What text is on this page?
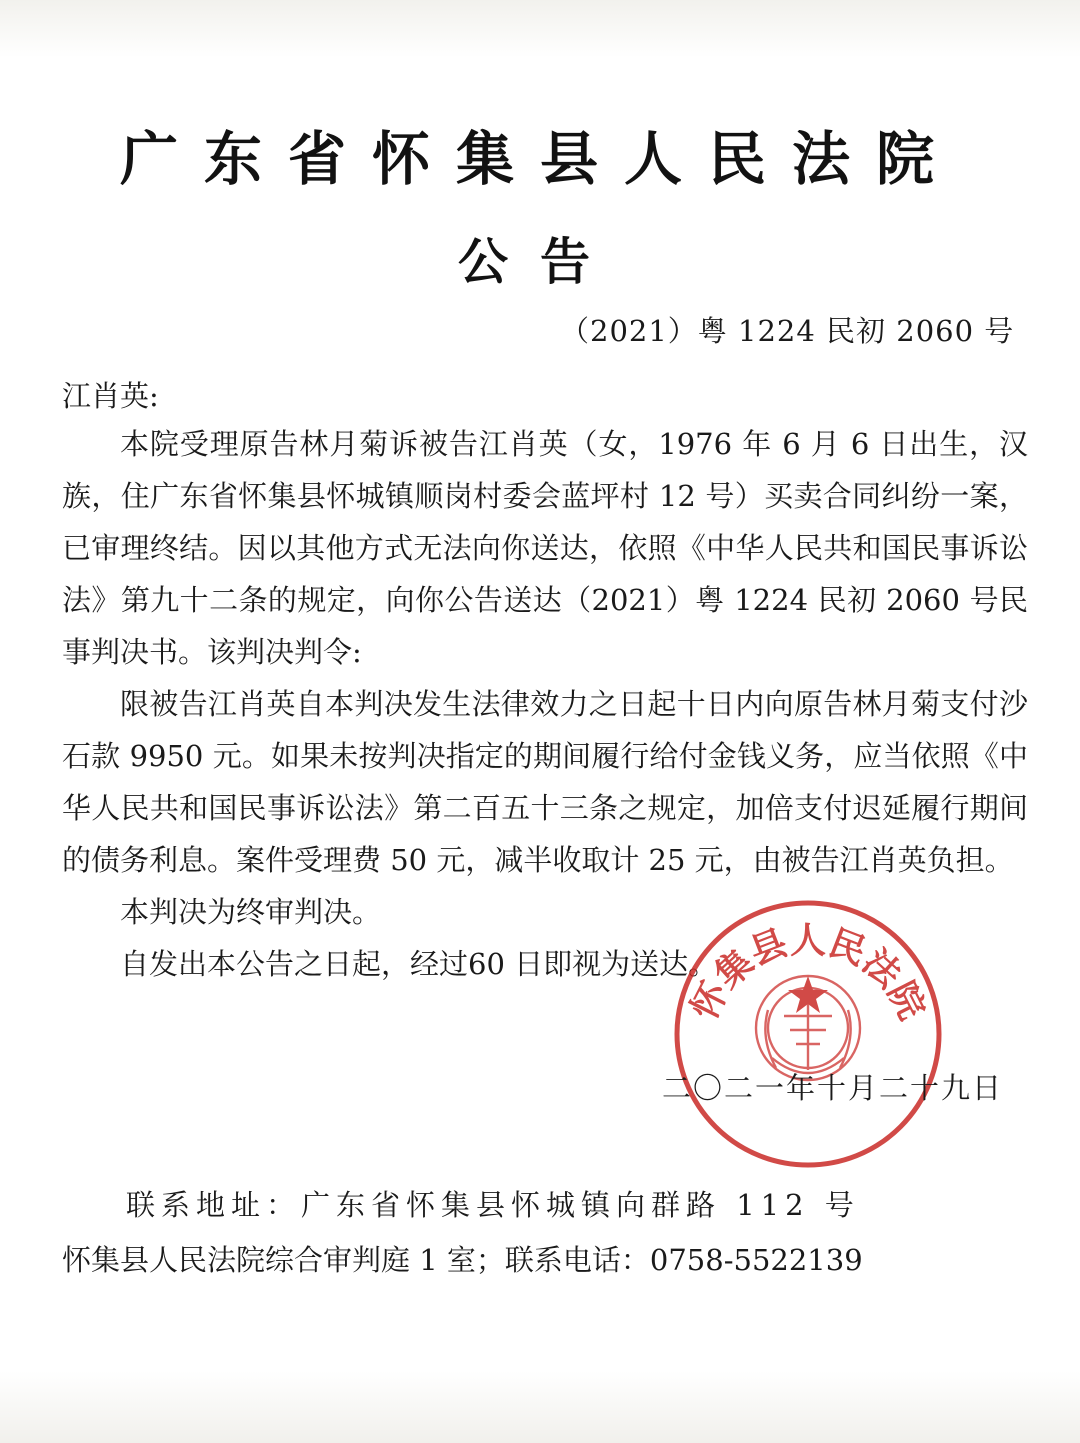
广东省怀集县人民法院
公告
（2021）粤 1224 民初 2060 号
江肖英:

本院受理原告林月菊诉被告江肖英（女，1976 年 6 月 6 日出生，汉族，住广东省怀集县怀城镇顺岗村委会蓝坪村 12 号）买卖合同纠纷一案，已审理终结。因以其他方式无法向你送达，依照《中华人民共和国民事诉讼法》第九十二条的规定，向你公告送达（2021）粤 1224 民初 2060 号民事判决书。该判决判令:

限被告江肖英自本判决发生法律效力之日起十日内向原告林月菊支付沙石款 9950 元。如果未按判决指定的期间履行给付金钱义务，应当依照《中华人民共和国民事诉讼法》第二百五十三条之规定，加倍支付迟延履行期间的债务利息。案件受理费 50 元，减半收取计 25 元，由被告江肖英负担。

本判决为终审判决。

自发出本公告之日起，经过60 日即视为送达。

怀集县人民法院
二〇二一年十月二十九日
联系地址：广东省怀集县怀城镇向群路 112 号
怀集县人民法院综合审判庭 1 室；联系电话：0758-5522139
